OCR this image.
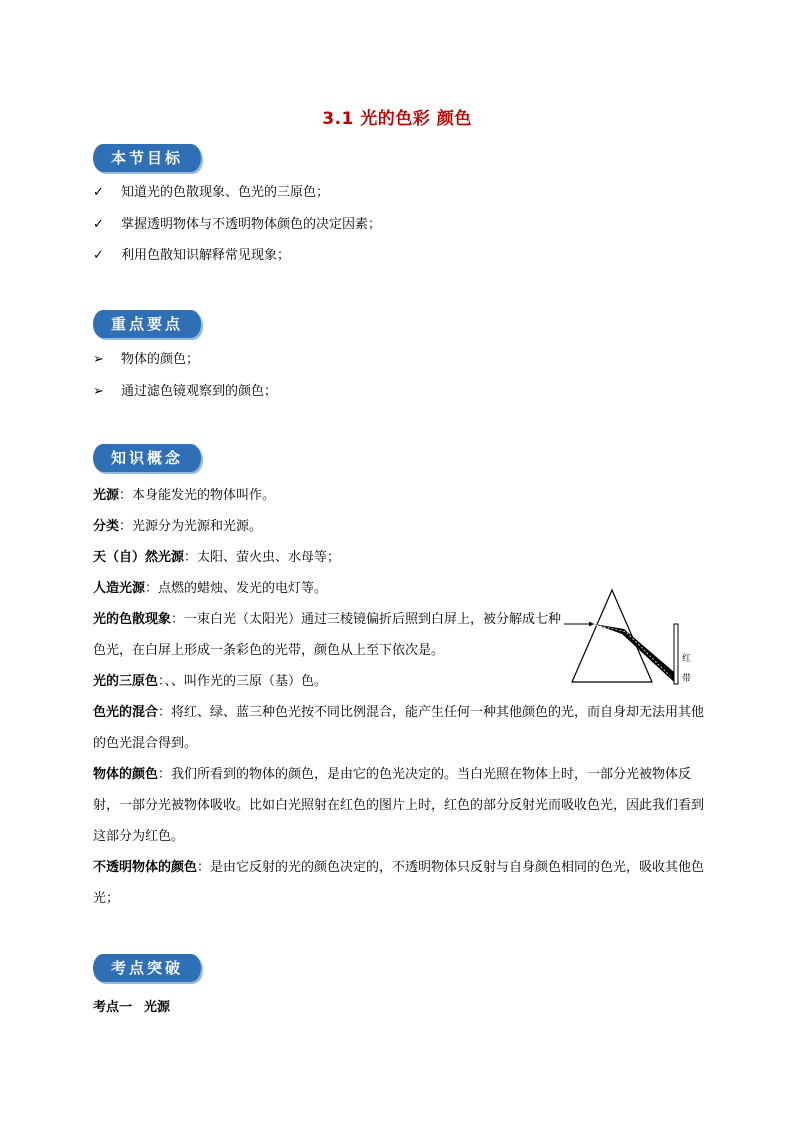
3.1 光的色彩 颜色
本节目标
✓ 知道光的色散现象、色光的三原色；
✓ 掌握透明物体与不透明物体颜色的决定因素；
✓ 利用色散知识解释常见现象；
重点要点
➢ 物体的颜色；
➢ 通过滤色镜观察到的颜色；
知识概念
光源：本身能发光的物体叫作。
分类：光源分为光源和光源。
天（自）然光源：太阳、萤火虫、水母等；
人造光源：点燃的蜡烛、发光的电灯等。
光的色散现象：一束白光（太阳光）通过三棱镜偏折后照到白屏上，被分解成七种色光，在白屏上形成一条彩色的光带，颜色从上至下依次是。
光的三原色：、、叫作光的三原（基）色。
色光的混合：将红、绿、蓝三种色光按不同比例混合，能产生任何一种其他颜色的光，而自身却无法用其他的色光混合得到。
物体的颜色：我们所看到的物体的颜色，是由它的色光决定的。当白光照在物体上时，一部分光被物体反射，一部分光被物体吸收。比如白光照射在红色的图片上时，红色的部分反射光而吸收色光，因此我们看到这部分为红色。
不透明物体的颜色：是由它反射的光的颜色决定的，不透明物体只反射与自身颜色相同的色光，吸收其他色光；
红
带
考点突破
考点一 光源
